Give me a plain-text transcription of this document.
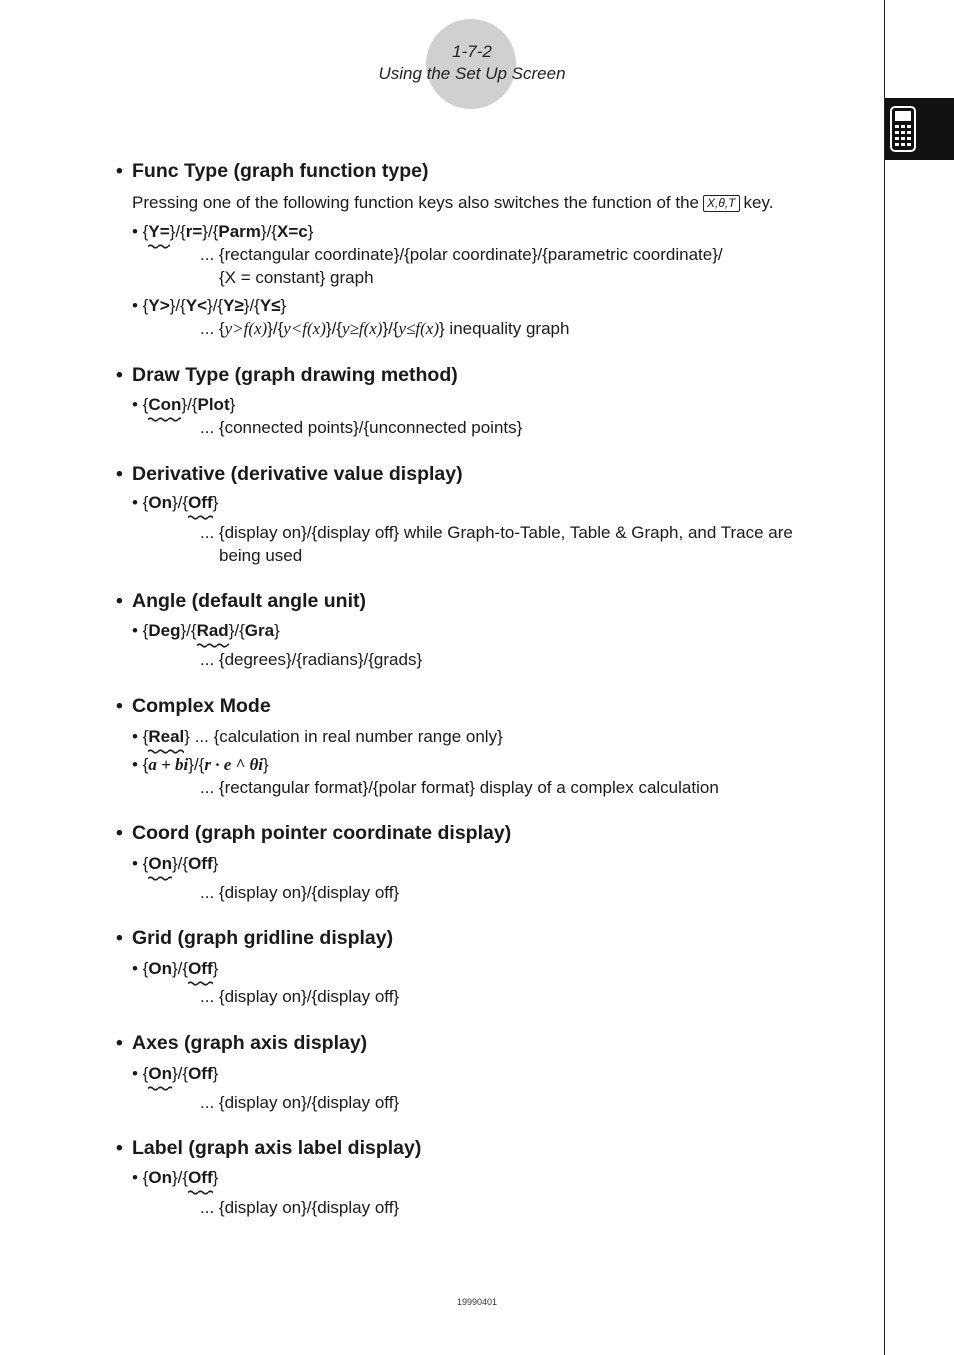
1-7-2
Using the Set Up Screen
• Func Type (graph function type)
Pressing one of the following function keys also switches the function of the X,θ,T key.
• {Y=}/{r=}/{Parm}/{X=c}
... {rectangular coordinate}/{polar coordinate}/{parametric coordinate}/
{X = constant} graph
• {Y>}/{Y<}/{Y≥}/{Y≤}
... {y>f(x)}/{y<f(x)}/{y≥f(x)}/{y≤f(x)} inequality graph
• Draw Type (graph drawing method)
• {Con}/{Plot}
... {connected points}/{unconnected points}
• Derivative (derivative value display)
• {On}/{Off}
... {display on}/{display off} while Graph-to-Table, Table & Graph, and Trace are
being used
• Angle (default angle unit)
• {Deg}/{Rad}/{Gra}
... {degrees}/{radians}/{grads}
• Complex Mode
• {Real} ... {calculation in real number range only}
• {a + bi}/{r · e ^ θi}
... {rectangular format}/{polar format} display of a complex calculation
• Coord (graph pointer coordinate display)
• {On}/{Off}
... {display on}/{display off}
• Grid (graph gridline display)
• {On}/{Off}
... {display on}/{display off}
• Axes (graph axis display)
• {On}/{Off}
... {display on}/{display off}
• Label (graph axis label display)
• {On}/{Off}
... {display on}/{display off}
19990401
